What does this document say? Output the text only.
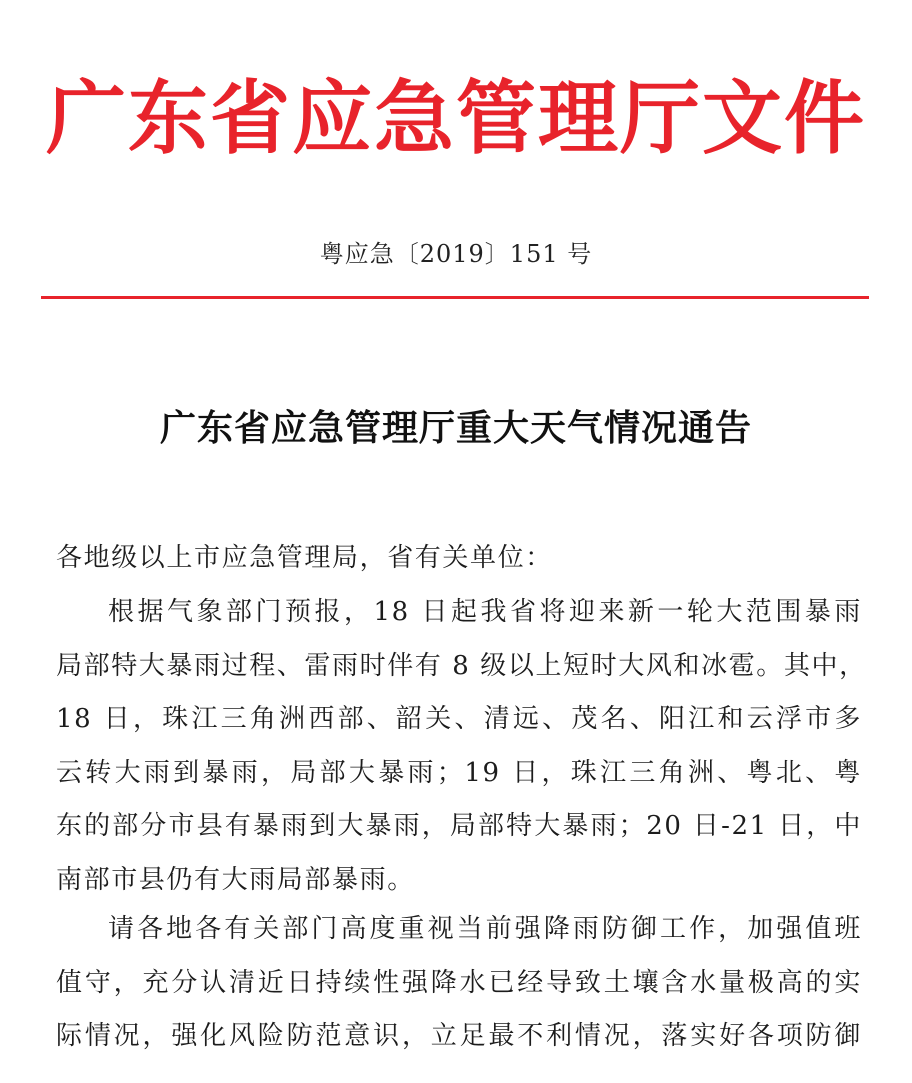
广东省应急管理厅文件
粤应急〔2019〕151 号
广东省应急管理厅重大天气情况通告
各地级以上市应急管理局，省有关单位：
根据气象部门预报，18 日起我省将迎来新一轮大范围暴雨
局部特大暴雨过程、雷雨时伴有 8 级以上短时大风和冰雹。其中，
18 日，珠江三角洲西部、韶关、清远、茂名、阳江和云浮市多
云转大雨到暴雨，局部大暴雨；19 日，珠江三角洲、粤北、粤
东的部分市县有暴雨到大暴雨，局部特大暴雨；20 日-21 日，中
南部市县仍有大雨局部暴雨。
请各地各有关部门高度重视当前强降雨防御工作，加强值班
值守，充分认清近日持续性强降水已经导致土壤含水量极高的实
际情况，强化风险防范意识，立足最不利情况，落实好各项防御
